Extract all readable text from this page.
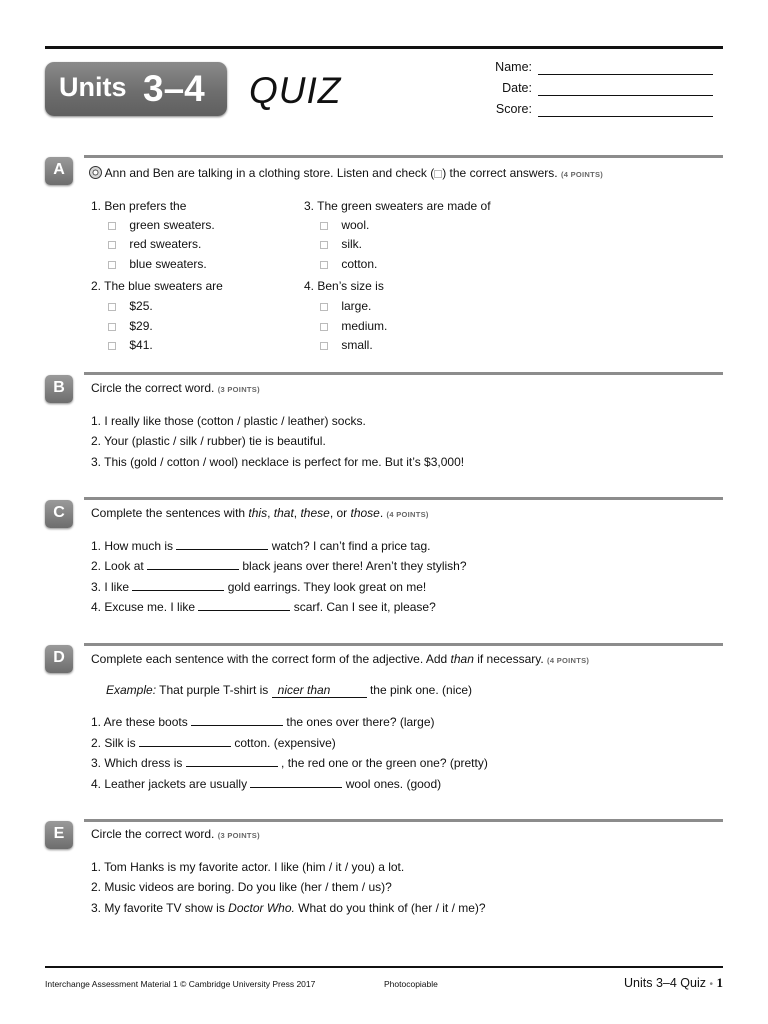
Units 3–4 QUIZ
Name:
Date:
Score:
A	Ann and Ben are talking in a clothing store. Listen and check ( ) the correct answers. (4 POINTS)
1. Ben prefers the
green sweaters.
red sweaters.
blue sweaters.
2. The blue sweaters are
$25.
$29.
$41.
3. The green sweaters are made of
wool.
silk.
cotton.
4. Ben’s size is
large.
medium.
small.
B	Circle the correct word. (3 POINTS)
1. I really like those (cotton / plastic / leather) socks.
2. Your (plastic / silk / rubber) tie is beautiful.
3. This (gold / cotton / wool) necklace is perfect for me. But it’s $3,000!
C	Complete the sentences with this, that, these, or those. (4 POINTS)
1. How much is	watch? I can’t find a price tag.
2. Look at	black jeans over there! Aren’t they stylish?
3. I like	gold earrings. They look great on me!
4. Excuse me. I like	scarf. Can I see it, please?
D	Complete each sentence with the correct form of the adjective. Add than if necessary. (4 POINTS)
Example: That purple T-shirt is nicer than	the pink one. (nice)
1. Are these boots	the ones over there? (large)
2. Silk is	cotton. (expensive)
3. Which dress is	, the red one or the green one? (pretty)
4. Leather jackets are usually	wool ones. (good)
E	Circle the correct word. (3 POINTS)
1. Tom Hanks is my favorite actor. I like (him / it / you) a lot.
2. Music videos are boring. Do you like (her / them / us)?
3. My favorite TV show is Doctor Who. What do you think of (her / it / me)?
Interchange Assessment Material 1 © Cambridge University Press 2017	Photocopiable	Units 3–4 Quiz • 1
